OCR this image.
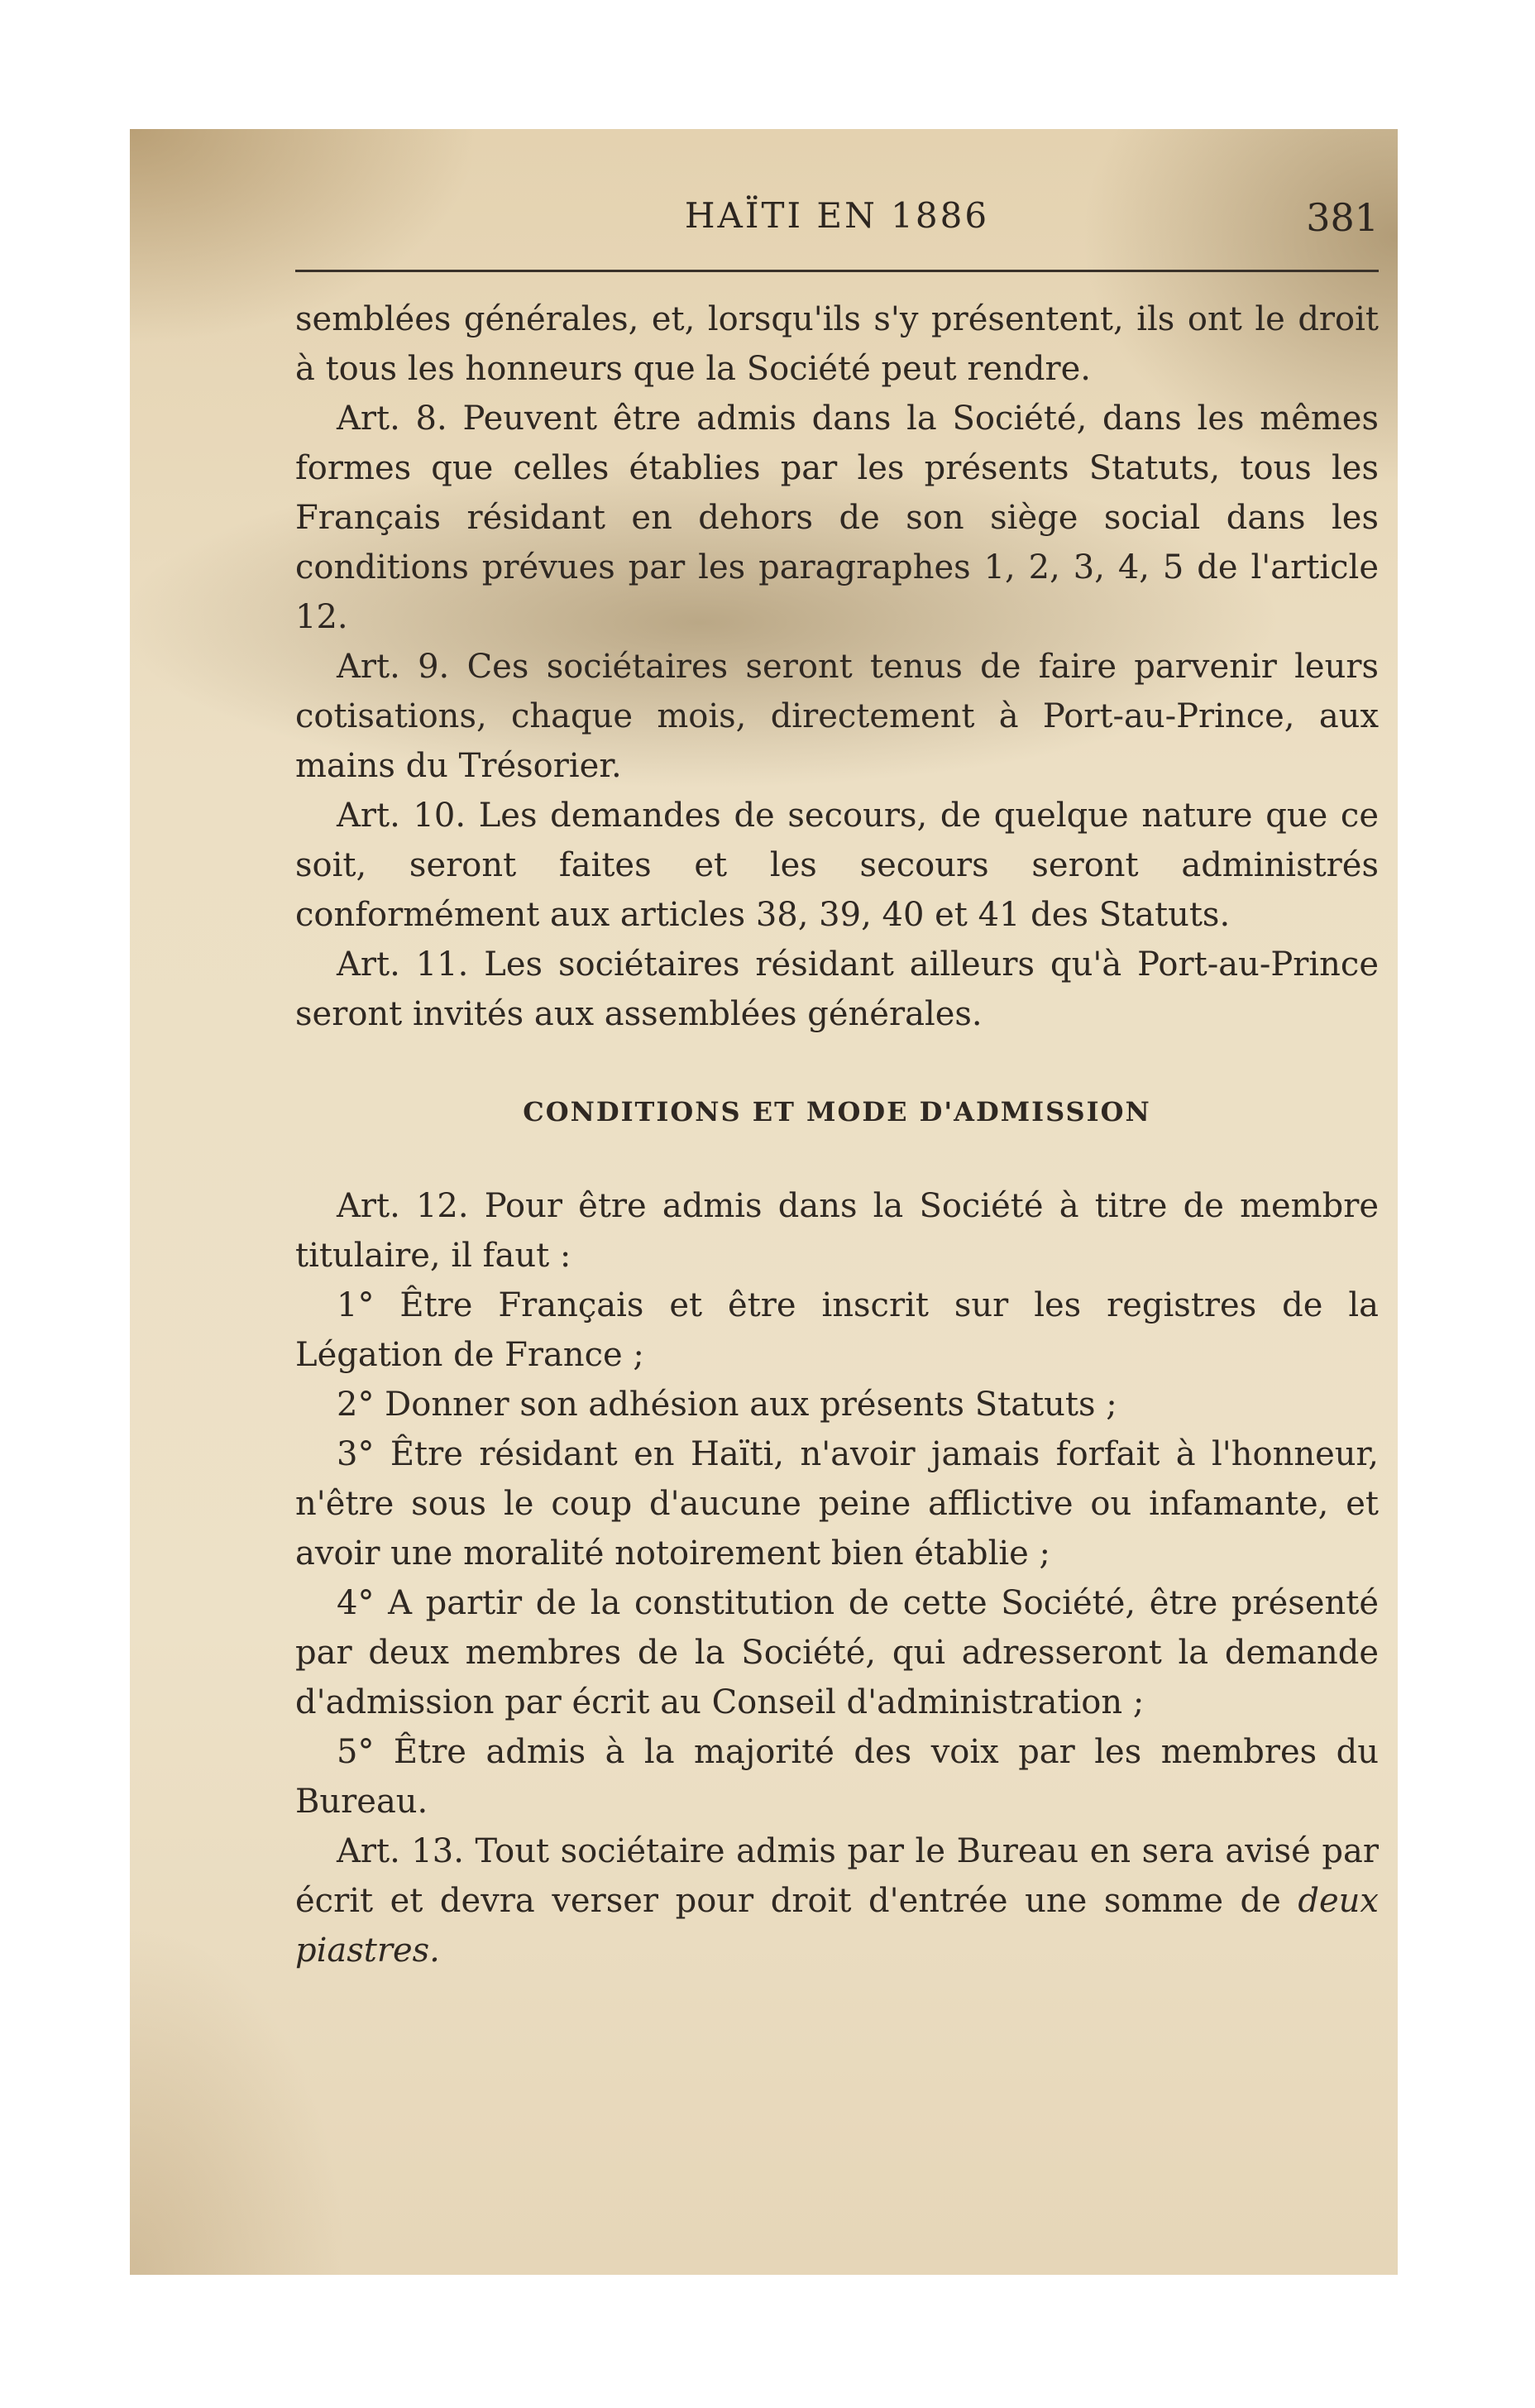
HAÏTI EN 1886	381

semblées générales, et, lorsqu'ils s'y présentent, ils ont le droit à tous les honneurs que la Société peut rendre.

Art. 8. Peuvent être admis dans la Société, dans les mêmes formes que celles établies par les présents Statuts, tous les Français résidant en dehors de son siège social dans les conditions prévues par les paragraphes 1, 2, 3, 4, 5 de l'article 12.

Art. 9. Ces sociétaires seront tenus de faire parvenir leurs cotisations, chaque mois, directement à Port-au-Prince, aux mains du Trésorier.

Art. 10. Les demandes de secours, de quelque nature que ce soit, seront faites et les secours seront administrés conformément aux articles 38, 39, 40 et 41 des Statuts.

Art. 11. Les sociétaires résidant ailleurs qu'à Port-au-Prince seront invités aux assemblées générales.

CONDITIONS ET MODE D'ADMISSION

Art. 12. Pour être admis dans la Société à titre de membre titulaire, il faut :

1° Être Français et être inscrit sur les registres de la Légation de France ;

2° Donner son adhésion aux présents Statuts ;

3° Être résidant en Haïti, n'avoir jamais forfait à l'honneur, n'être sous le coup d'aucune peine afflictive ou infamante, et avoir une moralité notoirement bien établie ;

4° A partir de la constitution de cette Société, être présenté par deux membres de la Société, qui adresseront la demande d'admission par écrit au Conseil d'administration ;

5° Être admis à la majorité des voix par les membres du Bureau.

Art. 13. Tout sociétaire admis par le Bureau en sera avisé par écrit et devra verser pour droit d'entrée une somme de deux piastres.
